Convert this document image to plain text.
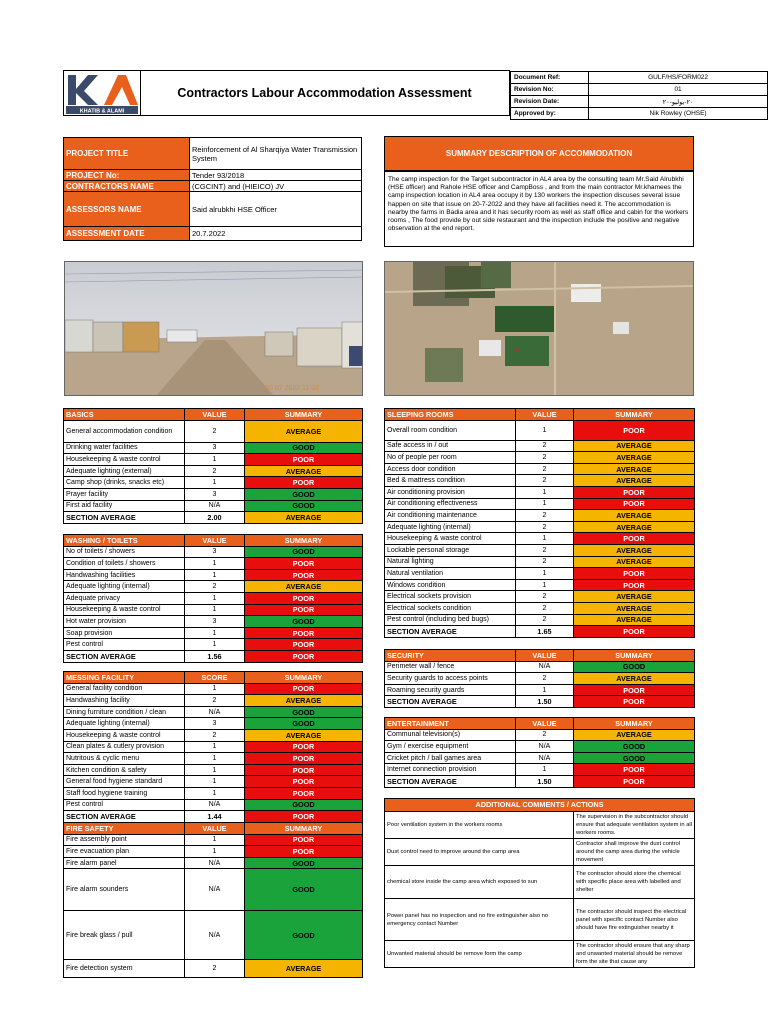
KHATIB & ALAMI
Contractors Labour Accommodation Assessment
Document Ref:	GULF/HS/FORM022
Revision No:	01
Revision Date:	٢٠-يوليو-٢٠
Approved by:	Nik Rowley (OHSE)
PROJECT TITLE	Reinforcement of Al Sharqiya Water Transmission System
PROJECT No:	Tender 93/2018
CONTRACTORS NAME	(CGCINT) and (HIEICO) JV
ASSESSORS NAME	Said alrubkhi HSE Officer
ASSESSMENT DATE	20.7.2022
SUMMARY DESCRIPTION OF ACCOMMODATION
The camp inspection for the Target subcontractor in AL4 area by the consulting team Mr.Said Alrubkhi (HSE officer) and Rahole HSE officer and CampBoss , and from the main contractor Mr.khamees the camp inspection location in AL4 area occupy it by 130 workers the inspection discuses several issue happen on site that issue on 20-7-2022 and they have all facilities need it. The accommodation is nearby the farms in Badia area and it has security room as well as staff office and cabin for the workers rooms , The food provide by out side restaurant and the inspection include the positive and negative observation at the end report.
20 07 2022 11 02
BASICS	VALUE	SUMMARY
General accommodation condition	2	AVERAGE
Drinking water facilities	3	GOOD
Housekeeping & waste control	1	POOR
Adequate lighting (external)	2	AVERAGE
Camp shop (drinks, snacks etc)	1	POOR
Prayer facility	3	GOOD
First aid facility	N/A	GOOD
SECTION AVERAGE	2.00	AVERAGE
WASHING / TOILETS	VALUE	SUMMARY
No of toilets / showers	3	GOOD
Condition of toilets / showers	1	POOR
Handwashing facilities	1	POOR
Adequate lighting (internal)	2	AVERAGE
Adequate privacy	1	POOR
Housekeeping & waste control	1	POOR
Hot water provision	3	GOOD
Soap provision	1	POOR
Pest control	1	POOR
SECTION AVERAGE	1.56	POOR
MESSING FACILITY	SCORE	SUMMARY
General facility condition	1	POOR
Handwashing facility	2	AVERAGE
Dining furniture condition / clean	N/A	GOOD
Adequate lighting (internal)	3	GOOD
Housekeeping & waste control	2	AVERAGE
Clean plates & cutlery provision	1	POOR
Nutritous & cyclic menu	1	POOR
Kitchen condition & safety	1	POOR
General food hygiene standard	1	POOR
Staff food hygiene training	1	POOR
Pest control	N/A	GOOD
SECTION AVERAGE	1.44	POOR
FIRE SAFETY	VALUE	SUMMARY
Fire assembly point	1	POOR
Fire evacuation plan	1	POOR
Fire alarm panel	N/A	GOOD
Fire alarm sounders	N/A	GOOD
Fire break glass / pull	N/A	GOOD
Fire detection system	2	AVERAGE
SLEEPING ROOMS	VALUE	SUMMARY
Overall room condition	1	POOR
Safe access in / out	2	AVERAGE
No of people per room	2	AVERAGE
Access door condition	2	AVERAGE
Bed & mattress condition	2	AVERAGE
Air conditioning provision	1	POOR
Air conditioning effectiveness	1	POOR
Air conditioning maintenance	2	AVERAGE
Adequate lighting (internal)	2	AVERAGE
Housekeeping & waste control	1	POOR
Lockable personal storage	2	AVERAGE
Natural lighting	2	AVERAGE
Natural ventilation	1	POOR
Windows condition	1	POOR
Electrical sockets provision	2	AVERAGE
Electrical sockets condition	2	AVERAGE
Pest control (including bed bugs)	2	AVERAGE
SECTION AVERAGE	1.65	POOR
SECURITY	VALUE	SUMMARY
Perimeter wall / fence	N/A	GOOD
Security guards to access points	2	AVERAGE
Roaming security guards	1	POOR
SECTION AVERAGE	1.50	POOR
ENTERTAINMENT	VALUE	SUMMARY
Communal television(s)	2	AVERAGE
Gym / exercise equipment	N/A	GOOD
Cricket pitch / ball games area	N/A	GOOD
Internet connection provision	1	POOR
SECTION AVERAGE	1.50	POOR
ADDITIONAL COMMENTS / ACTIONS	
Poor ventilation system in the workers rooms	The supervision in the subcontractor should ensure that adequate ventilation system in all workers rooms.
Dust control need to improve around the camp area	Contractor shall improve the dust control around the camp area during the vehicle movement
chemical store inside the camp area which exposed to sun	The contractor should store the chemical with specific place area with labelled and shelter
Power panel has no inspection and no fire extinguisher also no emergency contact Number	The contractor should inspect the electrical panel with specific contact Number also should have fire extinguisher nearby it
Unwanted material should be remove form the camp	The contractor should ensure that any sharp and unwanted material should be remove form the site that cause any
